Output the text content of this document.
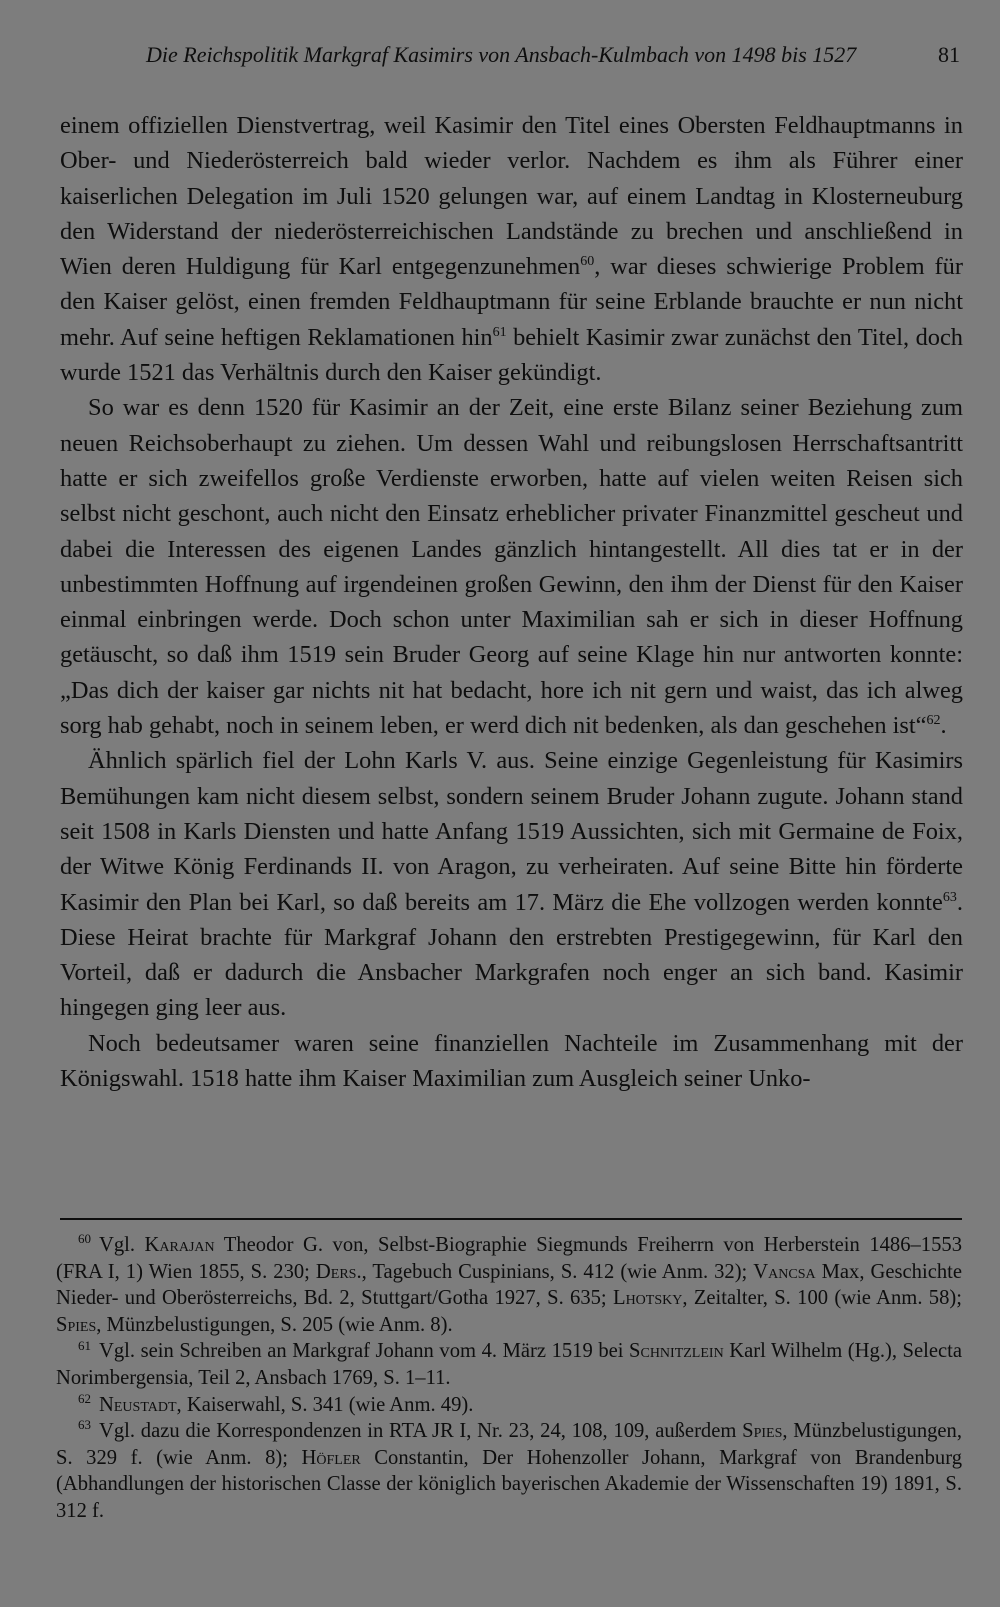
Die Reichspolitik Markgraf Kasimirs von Ansbach-Kulmbach von 1498 bis 1527	81

einem offiziellen Dienstvertrag, weil Kasimir den Titel eines Obersten Feldhauptmanns in Ober- und Niederösterreich bald wieder verlor. Nachdem es ihm als Führer einer kaiserlichen Delegation im Juli 1520 gelungen war, auf einem Landtag in Klosterneuburg den Widerstand der niederösterreichischen Landstände zu brechen und anschließend in Wien deren Huldigung für Karl entgegenzunehmen$^{60}$, war dieses schwierige Problem für den Kaiser gelöst, einen fremden Feldhauptmann für seine Erblande brauchte er nun nicht mehr. Auf seine heftigen Reklamationen hin$^{61}$ behielt Kasimir zwar zunächst den Titel, doch wurde 1521 das Verhältnis durch den Kaiser gekündigt.

So war es denn 1520 für Kasimir an der Zeit, eine erste Bilanz seiner Beziehung zum neuen Reichsoberhaupt zu ziehen. Um dessen Wahl und reibungslosen Herrschaftsantritt hatte er sich zweifellos große Verdienste erworben, hatte auf vielen weiten Reisen sich selbst nicht geschont, auch nicht den Einsatz erheblicher privater Finanzmittel gescheut und dabei die Interessen des eigenen Landes gänzlich hintangestellt. All dies tat er in der unbestimmten Hoffnung auf irgendeinen großen Gewinn, den ihm der Dienst für den Kaiser einmal einbringen werde. Doch schon unter Maximilian sah er sich in dieser Hoffnung getäuscht, so daß ihm 1519 sein Bruder Georg auf seine Klage hin nur antworten konnte: „Das dich der kaiser gar nichts nit hat bedacht, hore ich nit gern und waist, das ich alweg sorg hab gehabt, noch in seinem leben, er werd dich nit bedenken, als dan geschehen ist“$^{62}$.

Ähnlich spärlich fiel der Lohn Karls V. aus. Seine einzige Gegenleistung für Kasimirs Bemühungen kam nicht diesem selbst, sondern seinem Bruder Johann zugute. Johann stand seit 1508 in Karls Diensten und hatte Anfang 1519 Aussichten, sich mit Germaine de Foix, der Witwe König Ferdinands II. von Aragon, zu verheiraten. Auf seine Bitte hin förderte Kasimir den Plan bei Karl, so daß bereits am 17. März die Ehe vollzogen werden konnte$^{63}$. Diese Heirat brachte für Markgraf Johann den erstrebten Prestigegewinn, für Karl den Vorteil, daß er dadurch die Ansbacher Markgrafen noch enger an sich band. Kasimir hingegen ging leer aus.

Noch bedeutsamer waren seine finanziellen Nachteile im Zusammenhang mit der Königswahl. 1518 hatte ihm Kaiser Maximilian zum Ausgleich seiner Unko-

$^{60}$ Vgl. Karajan Theodor G. von, Selbst-Biographie Siegmunds Freiherrn von Herberstein 1486–1553 (FRA I, 1) Wien 1855, S. 230; Ders., Tagebuch Cuspinians, S. 412 (wie Anm. 32); Vancsa Max, Geschichte Nieder- und Oberösterreichs, Bd. 2, Stuttgart/Gotha 1927, S. 635; Lhotsky, Zeitalter, S. 100 (wie Anm. 58); Spies, Münzbelustigungen, S. 205 (wie Anm. 8).

$^{61}$ Vgl. sein Schreiben an Markgraf Johann vom 4. März 1519 bei Schnitzlein Karl Wilhelm (Hg.), Selecta Norimbergensia, Teil 2, Ansbach 1769, S. 1–11.

$^{62}$ Neustadt, Kaiserwahl, S. 341 (wie Anm. 49).

$^{63}$ Vgl. dazu die Korrespondenzen in RTA JR I, Nr. 23, 24, 108, 109, außerdem Spies, Münzbelustigungen, S. 329 f. (wie Anm. 8); Höfler Constantin, Der Hohenzoller Johann, Markgraf von Brandenburg (Abhandlungen der historischen Classe der königlich bayerischen Akademie der Wissenschaften 19) 1891, S. 312 f.
